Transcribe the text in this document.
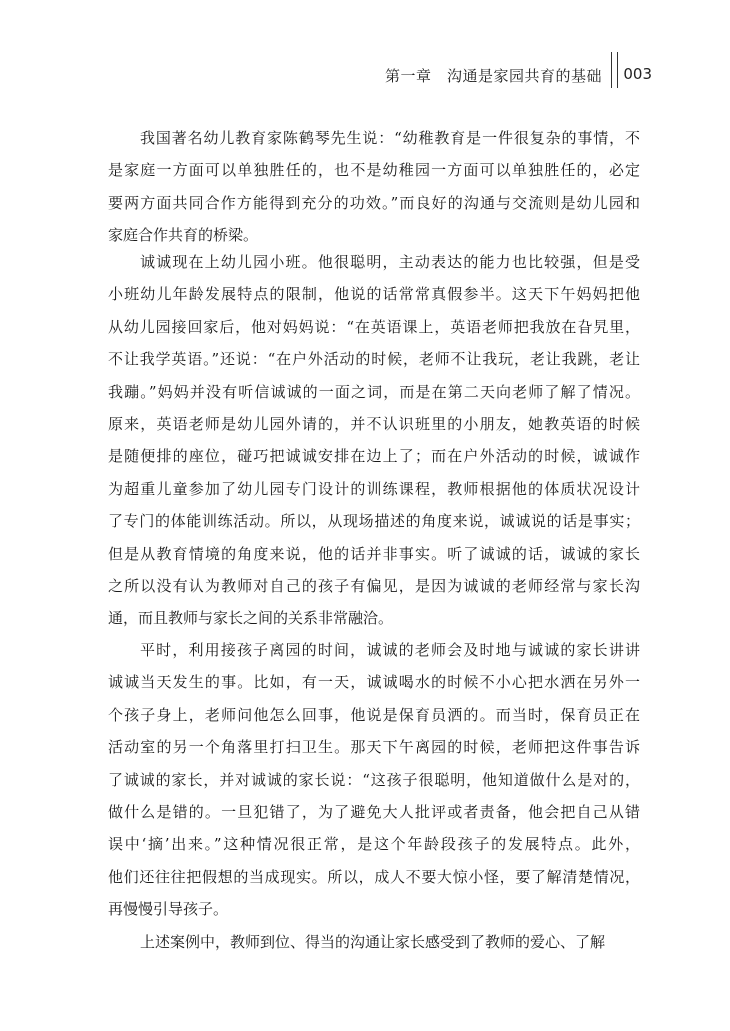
第一章　沟通是家园共育的基础 003
我国著名幼儿教育家陈鹤琴先生说：“幼稚教育是一件很复杂的事情，不
是家庭一方面可以单独胜任的，也不是幼稚园一方面可以单独胜任的，必定
要两方面共同合作方能得到充分的功效。”而良好的沟通与交流则是幼儿园和
家庭合作共育的桥梁。
诚诚现在上幼儿园小班。他很聪明，主动表达的能力也比较强，但是受
小班幼儿年龄发展特点的限制，他说的话常常真假参半。这天下午妈妈把他
从幼儿园接回家后，他对妈妈说：“在英语课上，英语老师把我放在旮旯里，
不让我学英语。”还说：“在户外活动的时候，老师不让我玩，老让我跳，老让
我蹦。”妈妈并没有听信诚诚的一面之词，而是在第二天向老师了解了情况。
原来，英语老师是幼儿园外请的，并不认识班里的小朋友，她教英语的时候
是随便排的座位，碰巧把诚诚安排在边上了；而在户外活动的时候，诚诚作
为超重儿童参加了幼儿园专门设计的训练课程，教师根据他的体质状况设计
了专门的体能训练活动。所以，从现场描述的角度来说，诚诚说的话是事实；
但是从教育情境的角度来说，他的话并非事实。听了诚诚的话，诚诚的家长
之所以没有认为教师对自己的孩子有偏见，是因为诚诚的老师经常与家长沟
通，而且教师与家长之间的关系非常融洽。
平时，利用接孩子离园的时间，诚诚的老师会及时地与诚诚的家长讲讲
诚诚当天发生的事。比如，有一天，诚诚喝水的时候不小心把水洒在另外一
个孩子身上，老师问他怎么回事，他说是保育员洒的。而当时，保育员正在
活动室的另一个角落里打扫卫生。那天下午离园的时候，老师把这件事告诉
了诚诚的家长，并对诚诚的家长说：“这孩子很聪明，他知道做什么是对的，
做什么是错的。一旦犯错了，为了避免大人批评或者责备，他会把自己从错
误中‘摘’出来。”这种情况很正常，是这个年龄段孩子的发展特点。此外，
他们还往往把假想的当成现实。所以，成人不要大惊小怪，要了解清楚情况，
再慢慢引导孩子。
上述案例中，教师到位、得当的沟通让家长感受到了教师的爱心、了解
